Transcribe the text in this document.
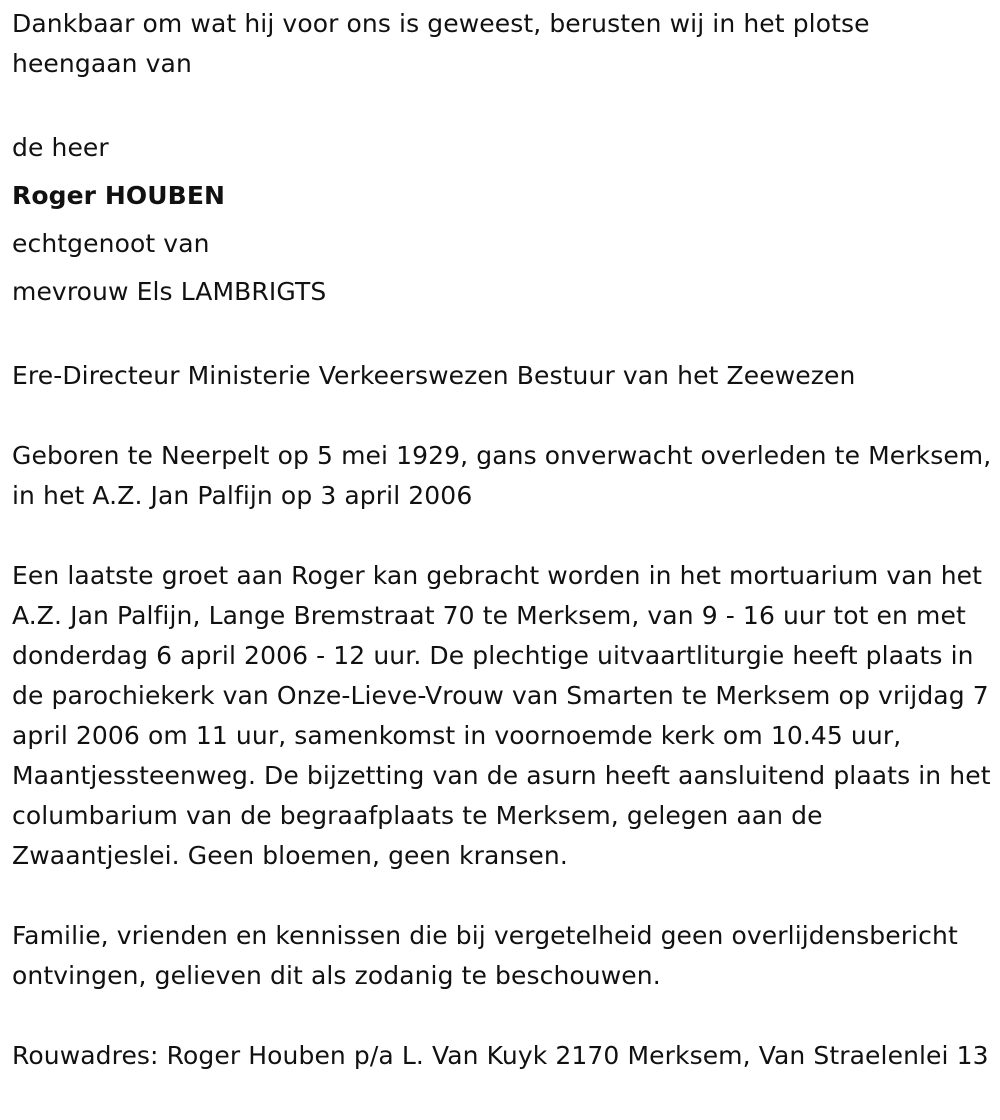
Dankbaar om wat hij voor ons is geweest, berusten wij in het plotse heengaan van

de heer

Roger HOUBEN

echtgenoot van

mevrouw Els LAMBRIGTS

Ere-Directeur Ministerie Verkeerswezen Bestuur van het Zeewezen

Geboren te Neerpelt op 5 mei 1929, gans onverwacht overleden te Merksem, in het A.Z. Jan Palfijn op 3 april 2006

Een laatste groet aan Roger kan gebracht worden in het mortuarium van het A.Z. Jan Palfijn, Lange Bremstraat 70 te Merksem, van 9 - 16 uur tot en met donderdag 6 april 2006 - 12 uur. De plechtige uitvaartliturgie heeft plaats in de parochiekerk van Onze-Lieve-Vrouw van Smarten te Merksem op vrijdag 7 april 2006 om 11 uur, samenkomst in voornoemde kerk om 10.45 uur, Maantjessteenweg. De bijzetting van de asurn heeft aansluitend plaats in het columbarium van de begraafplaats te Merksem, gelegen aan de Zwaantjeslei. Geen bloemen, geen kransen.

Familie, vrienden en kennissen die bij vergetelheid geen overlijdensbericht ontvingen, gelieven dit als zodanig te beschouwen.

Rouwadres: Roger Houben p/a L. Van Kuyk 2170 Merksem, Van Straelenlei 13
